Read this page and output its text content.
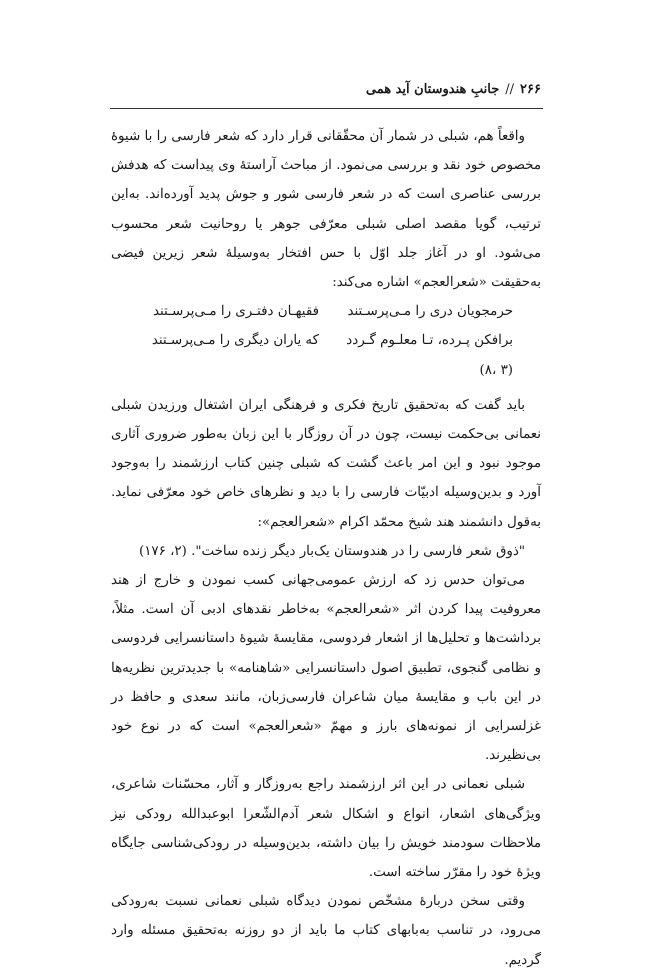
۲۶۶
//
جانبِ هندوستان آید همی

واقعاً هم، شبلی در شمار آن محقّقانی قرار دارد که شعر فارسی را با شیوهٔ مخصوص خود نقد و بررسی می‌نمود. از مباحث آراستهٔ وی پیداست که هدفش بررسی عناصری است که در شعر فارسی شور و جوش پدید آورده‌اند. به‌این ترتیب، گویا مقصد اصلی شبلی معرّفی جوهر یا روحانیت شعر محسوب می‌شود. او در آغاز جلد اوّل با حس افتخار به‌وسیلهٔ شعر زیرین فیضی به‌حقیقت «شعرالعجم» اشاره می‌کند:

حرمجویان دری را مـی‌پرسـتند
فقیهـان دفتـری را مـی‌پرسـتند
برافکن پـرده، تـا معلـوم گـردد
که یاران دیگری را مـی‌پرسـتند
(۳ ،۸)

باید گفت که به‌تحقیق تاریخ فکری و فرهنگی ایران اشتغال ورزیدن شبلی نعمانی بی‌حکمت نیست، چون در آن روزگار با این زبان به‌طور ضروری آثاری موجود نبود و این امر باعث گشت که شبلی چنین کتاب ارزشمند را به‌وجود آورد و بدین‌وسیله ادبیّات فارسی را با دید و نظرهای خاص خود معرّفی نماید. به‌قول دانشمند هند شیخ محمّد اکرام «شعرالعجم»:

"ذوق شعر فارسی را در هندوستان یک‌بار دیگر زنده ساخت". (۲، ۱۷۶)

می‌توان حدس زد که ارزش عمومی‌جهانی کسب نمودن و خارج از هند معروفیت پیدا کردن اثر «شعرالعجم» به‌خاطر نقدهای ادبی آن است. مثلاً، برداشت‌ها و تحلیل‌ها از اشعار فردوسی، مقایسهٔ شیوهٔ داستانسرایی فردوسی و نظامی گنجوی، تطبیق اصول داستانسرایی «شاهنامه» با جدیدترین نظریه‌ها در این باب و مقایسهٔ میان شاعران فارسی‌زبان، مانند سعدی و حافظ در غزلسرایی از نمونه‌های بارز و مهمّ «شعرالعجم» است که در نوع خود بی‌نظیرند.

شبلی نعمانی در این اثر ارزشمند راجع به‌روزگار و آثار، محسّنات شاعری، ویژگی‌های اشعار، انواع و اشکال شعر آدم‌الشّعرا ابوعبدالله رودکی نیز ملاحظات سودمند خویش را بیان داشته، بدین‌وسیله در رودکی‌شناسی جایگاه ویژهٔ خود را مقرّر ساخته است.

وقتی سخن دربارهٔ مشخّص نمودن دیدگاه شبلی نعمانی نسبت به‌رودکی می‌رود، در تناسب به‌بابهای کتاب ما باید از دو روزنه به‌تحقیق مسئله وارد گردیم.
